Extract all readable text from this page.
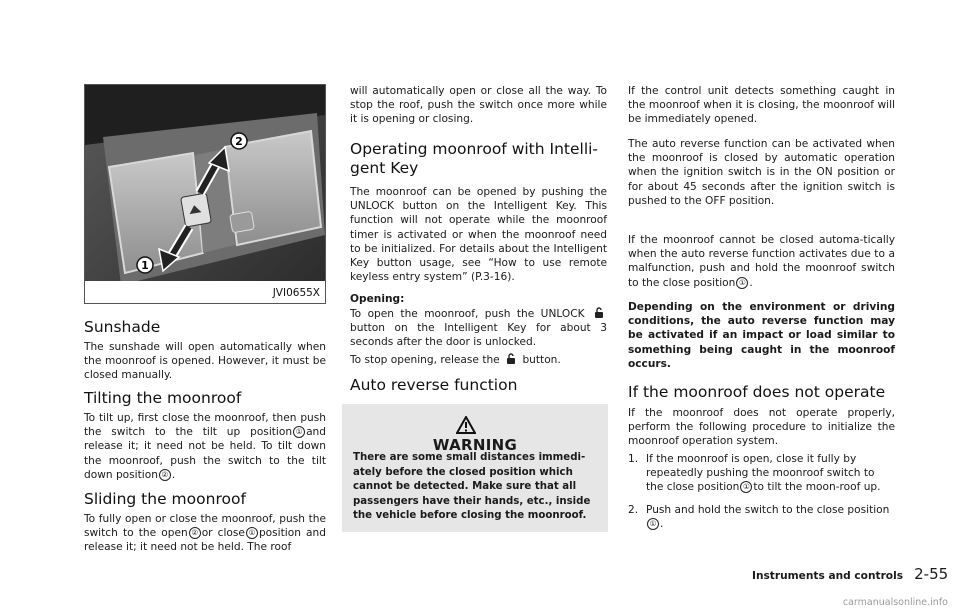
2
1
JVI0655X
Sunshade

The sunshade will open automatically when the moonroof is opened. However, it must be closed manually.

Tilting the moonroof

To tilt up, first close the moonroof, then push the switch to the tilt up position ① and release it; it need not be held. To tilt down the moonroof, push the switch to the tilt down position ② .

Sliding the moonroof

To fully open or close the moonroof, push the switch to the open ② or close ① position and release it; it need not be held. The roof

will automatically open or close all the way. To stop the roof, push the switch once more while it is opening or closing.

Operating moonroof with Intelli-gent Key

The moonroof can be opened by pushing the UNLOCK button on the Intelligent Key. This function will not operate while the moonroof timer is activated or when the moonroof need to be initialized. For details about the Intelligent Key button usage, see “How to use remote keyless entry system” (P.3-16).

Opening:

To open the moonroof, push the UNLOCK button on the Intelligent Key for about 3 seconds after the door is unlocked.

To stop opening, release the button.

Auto reverse function
WARNING
There are some small distances immedi-ately before the closed position which cannot be detected. Make sure that all passengers have their hands, etc., inside the vehicle before closing the moonroof.

If the control unit detects something caught in the moonroof when it is closing, the moonroof will be immediately opened.

The auto reverse function can be activated when the moonroof is closed by automatic operation when the ignition switch is in the ON position or for about 45 seconds after the ignition switch is pushed to the OFF position.

If the moonroof cannot be closed automa-tically when the auto reverse function activates due to a malfunction, push and hold the moonroof switch to the close position ① .

Depending on the environment or driving conditions, the auto reverse function may be activated if an impact or load similar to something being caught in the moonroof occurs.

If the moonroof does not operate

If the moonroof does not operate properly, perform the following procedure to initialize the moonroof operation system.

1. If the moonroof is open, close it fully by repeatedly pushing the moonroof switch to the close position ① to tilt the moon-roof up.
2. Push and hold the switch to the close position① .
Instruments and controls 2-55
carmanualsonline.info
